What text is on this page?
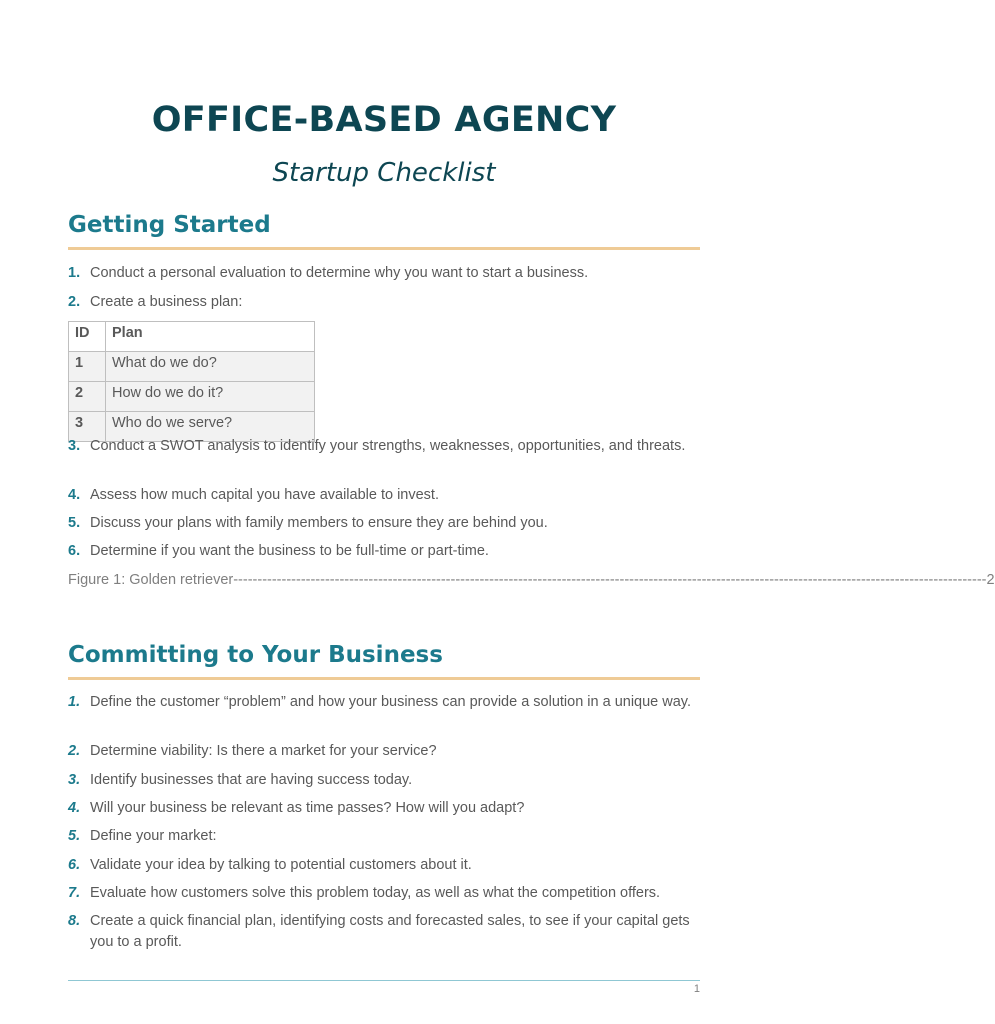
OFFICE-BASED AGENCY
Startup Checklist
Getting Started
1. Conduct a personal evaluation to determine why you want to start a business.
2. Create a business plan:
ID	Plan
1	What do we do?
2	How do we do it?
3	Who do we serve?
3. Conduct a SWOT analysis to identify your strengths, weaknesses, opportunities, and threats.
4. Assess how much capital you have available to invest.
5. Discuss your plans with family members to ensure they are behind you.
6. Determine if you want the business to be full-time or part-time.
Figure 1: Golden retriever ------------------------------------------------------------------------------------------------------------------------------------------------------------ 2
Committing to Your Business
1. Define the customer “problem” and how your business can provide a solution in a unique way.
2. Determine viability: Is there a market for your service?
3. Identify businesses that are having success today.
4. Will your business be relevant as time passes? How will you adapt?
5. Define your market:
6. Validate your idea by talking to potential customers about it.
7. Evaluate how customers solve this problem today, as well as what the competition offers.
8. Create a quick financial plan, identifying costs and forecasted sales, to see if your capital gets you to a profit.
1
